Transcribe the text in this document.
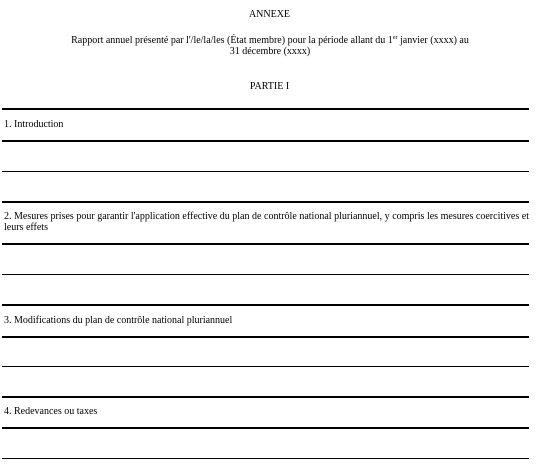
ANNEXE
Rapport annuel présenté par l'/le/la/les (État membre) pour la période allant du 1er janvier (xxxx) au
31 décembre (xxxx)
PARTIE I
1. Introduction
2. Mesures prises pour garantir l'application effective du plan de contrôle national pluriannuel, y compris les mesures coercitives et leurs effets
3. Modifications du plan de contrôle national pluriannuel
4. Redevances ou taxes
